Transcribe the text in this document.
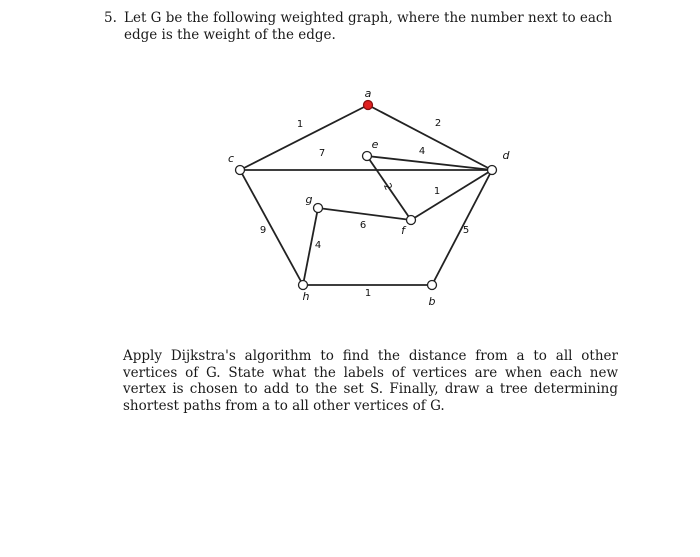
5. Let G be the following weighted graph, where the number next to each edge is the weight of the edge.
1	2
7	4
2	1
6
9
4
1
5
a
c	d
e
f
g
h	b
Apply Dijkstra's algorithm to find the distance from a to all other vertices of G. State what the labels of vertices are when each new vertex is chosen to add to the set S. Finally, draw a tree determining shortest paths from a to all other vertices of G.
